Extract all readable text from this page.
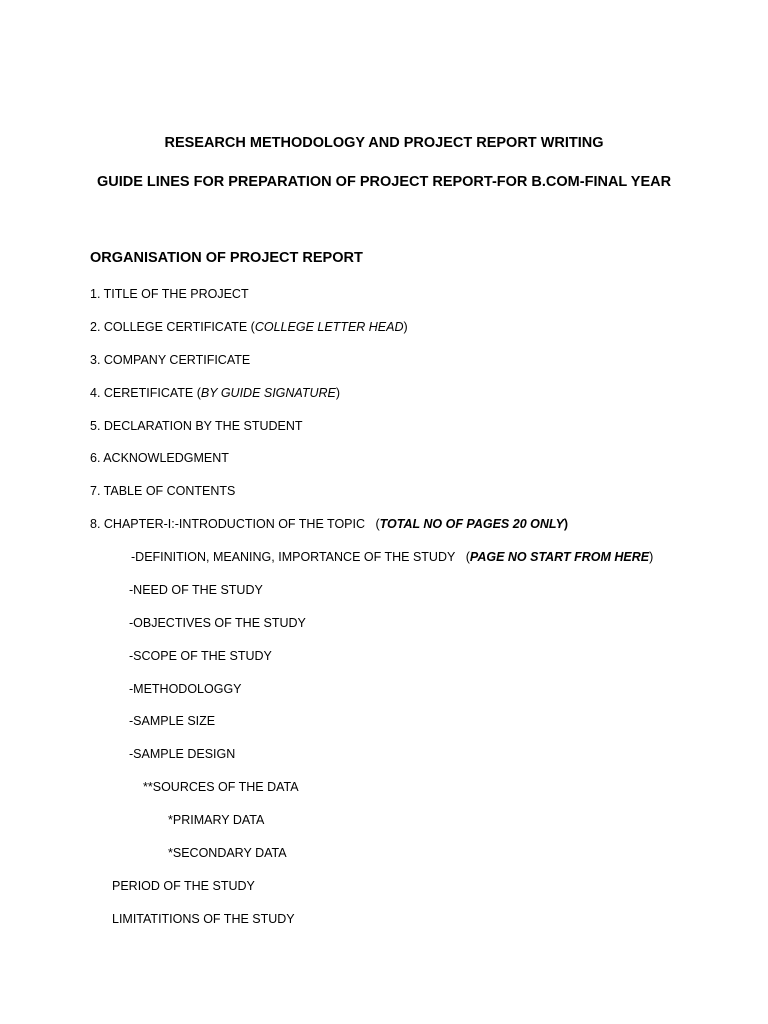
RESEARCH METHODOLOGY AND PROJECT REPORT WRITING
GUIDE LINES FOR PREPARATION OF PROJECT REPORT-FOR B.COM-FINAL YEAR
ORGANISATION OF PROJECT REPORT
1. TITLE OF THE PROJECT
2. COLLEGE CERTIFICATE (COLLEGE LETTER HEAD)
3. COMPANY CERTIFICATE
4. CERETIFICATE (BY GUIDE SIGNATURE)
5. DECLARATION BY THE STUDENT
6. ACKNOWLEDGMENT
7. TABLE OF CONTENTS
8. CHAPTER-I:-INTRODUCTION OF THE TOPIC (TOTAL NO OF PAGES 20 ONLY)
-DEFINITION, MEANING, IMPORTANCE OF THE STUDY (PAGE NO START FROM HERE)
-NEED OF THE STUDY
-OBJECTIVES OF THE STUDY
-SCOPE OF THE STUDY
-METHODOLOGGY
-SAMPLE SIZE
-SAMPLE DESIGN
**SOURCES OF THE DATA
*PRIMARY DATA
*SECONDARY DATA
PERIOD OF THE STUDY
LIMITATITIONS OF THE STUDY
